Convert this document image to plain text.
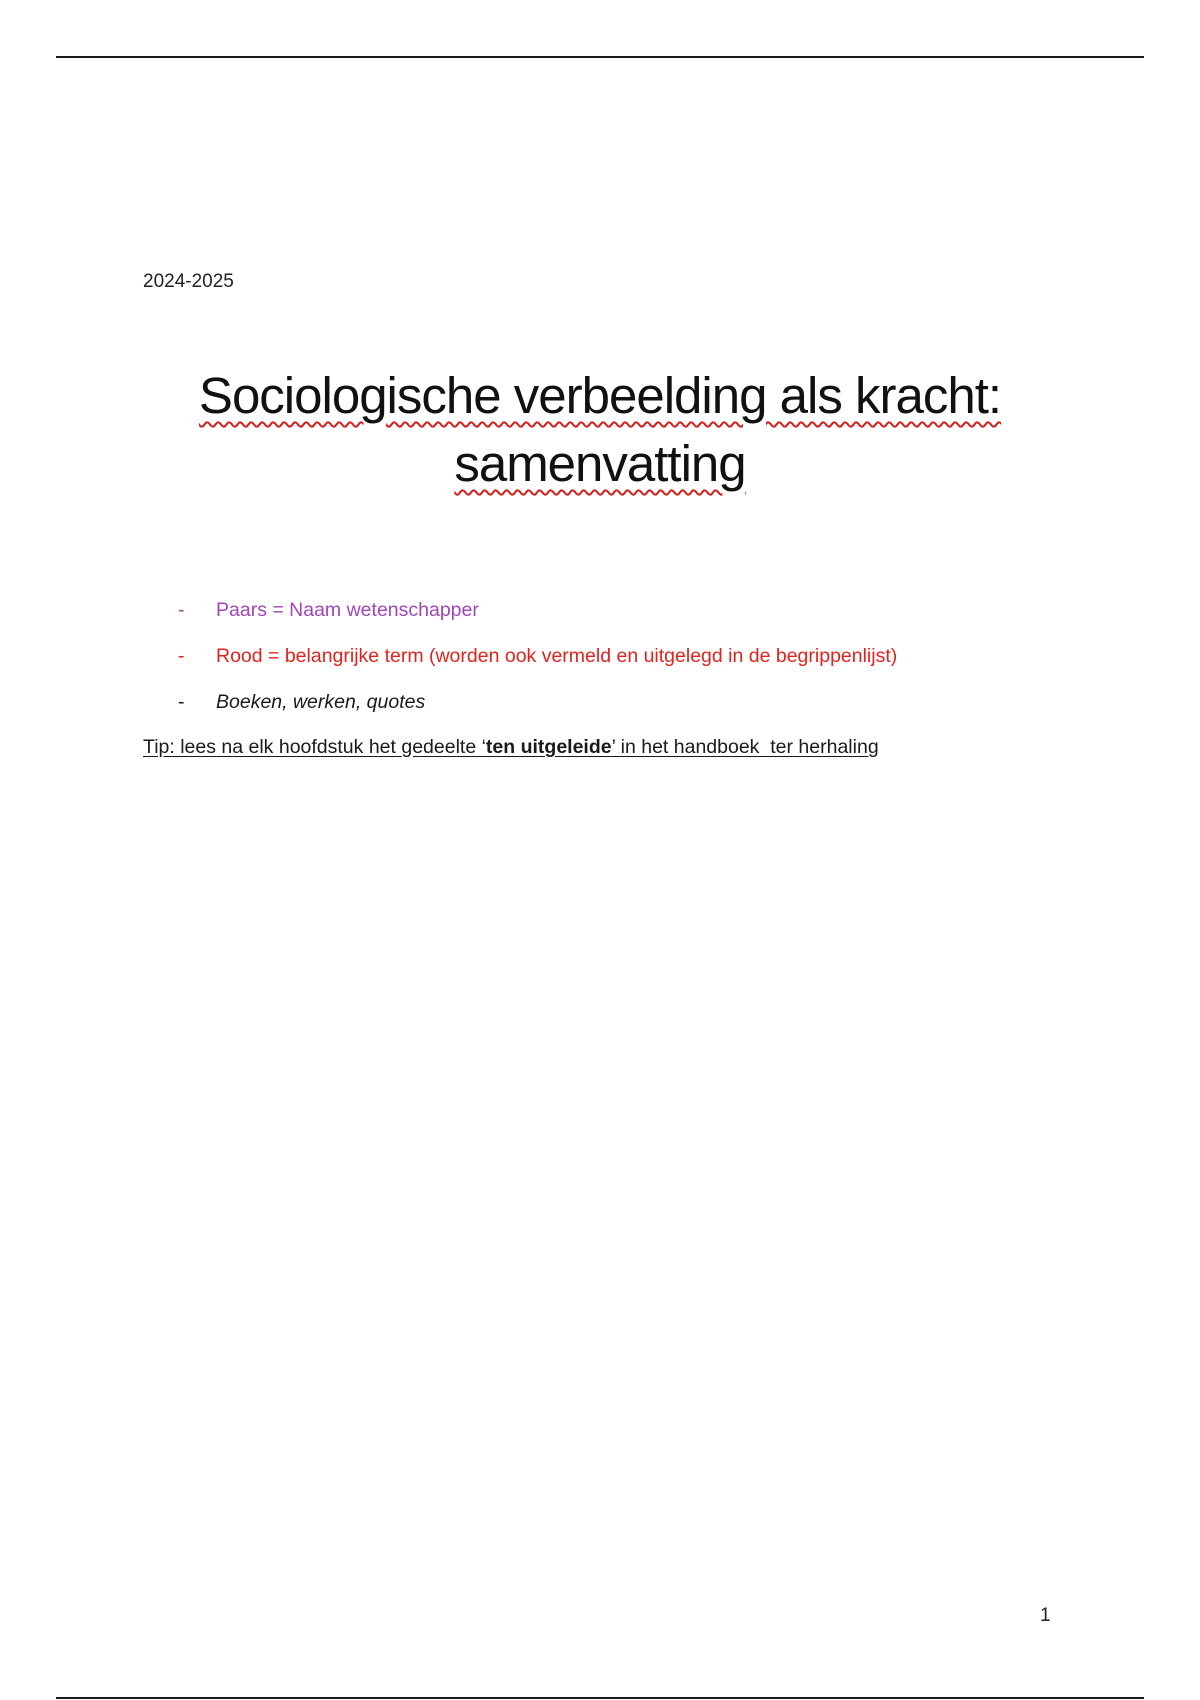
2024-2025
Sociologische verbeelding als kracht:
samenvatting
- Paars = Naam wetenschapper
- Rood = belangrijke term (worden ook vermeld en uitgelegd in de begrippenlijst)
- Boeken, werken, quotes
Tip: lees na elk hoofdstuk het gedeelte ‘ten uitgeleide’ in het handboek  ter herhaling
1
